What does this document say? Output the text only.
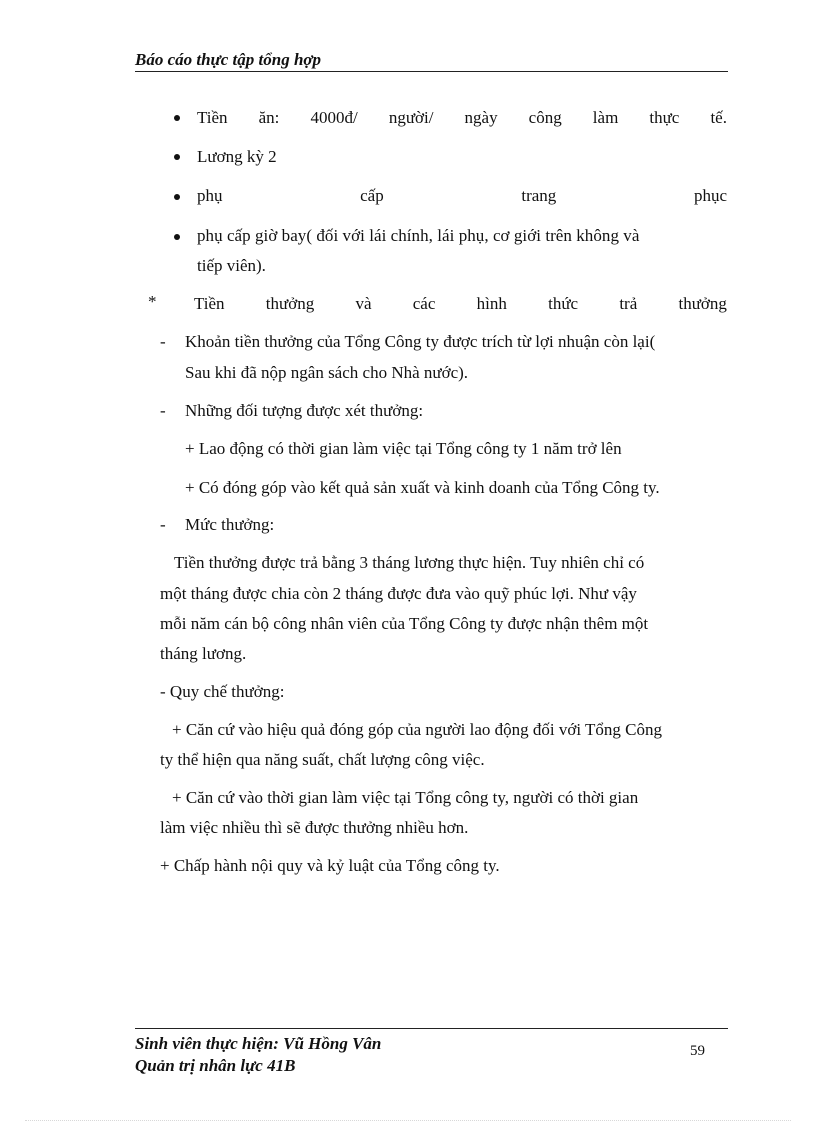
Báo cáo thực tập tổng hợp
Tiền ăn: 4000đ/ người/ ngày công làm thực tế.
Lương kỳ 2
phụ	cấp	trang	phục
phụ cấp giờ bay( đối với lái chính, lái phụ, cơ giới trên không và
tiếp viên).
* Tiền thưởng và các hình thức trả thưởng
- Khoản tiền thưởng của Tổng Công ty được trích từ lợi nhuận còn lại(
Sau khi đã nộp ngân sách cho Nhà nước).
- Những đối tượng được xét thưởng:
+ Lao động có thời gian làm việc tại Tổng công ty 1 năm trở lên
+ Có đóng góp vào kết quả sản xuất và kinh doanh của Tổng Công ty.
- Mức thưởng:
Tiền thưởng được trả bằng 3 tháng lương thực hiện. Tuy nhiên chỉ có
một tháng được chia còn 2 tháng được đưa vào quỹ phúc lợi. Như vậy
mỗi năm cán bộ công nhân viên của Tổng Công ty được nhận thêm một
tháng lương.
- Quy chế thưởng:
+ Căn cứ vào hiệu quả đóng góp của người lao động đối với Tổng Công
ty thể hiện qua năng suất, chất lượng công việc.
+ Căn cứ vào thời gian làm việc tại Tổng công ty, người có thời gian
làm việc nhiều thì sẽ được thưởng nhiều hơn.
+ Chấp hành nội quy và kỷ luật của Tổng công ty.
Sinh viên thực hiện: Vũ Hồng Vân
Quản trị nhân lực 41B
59
